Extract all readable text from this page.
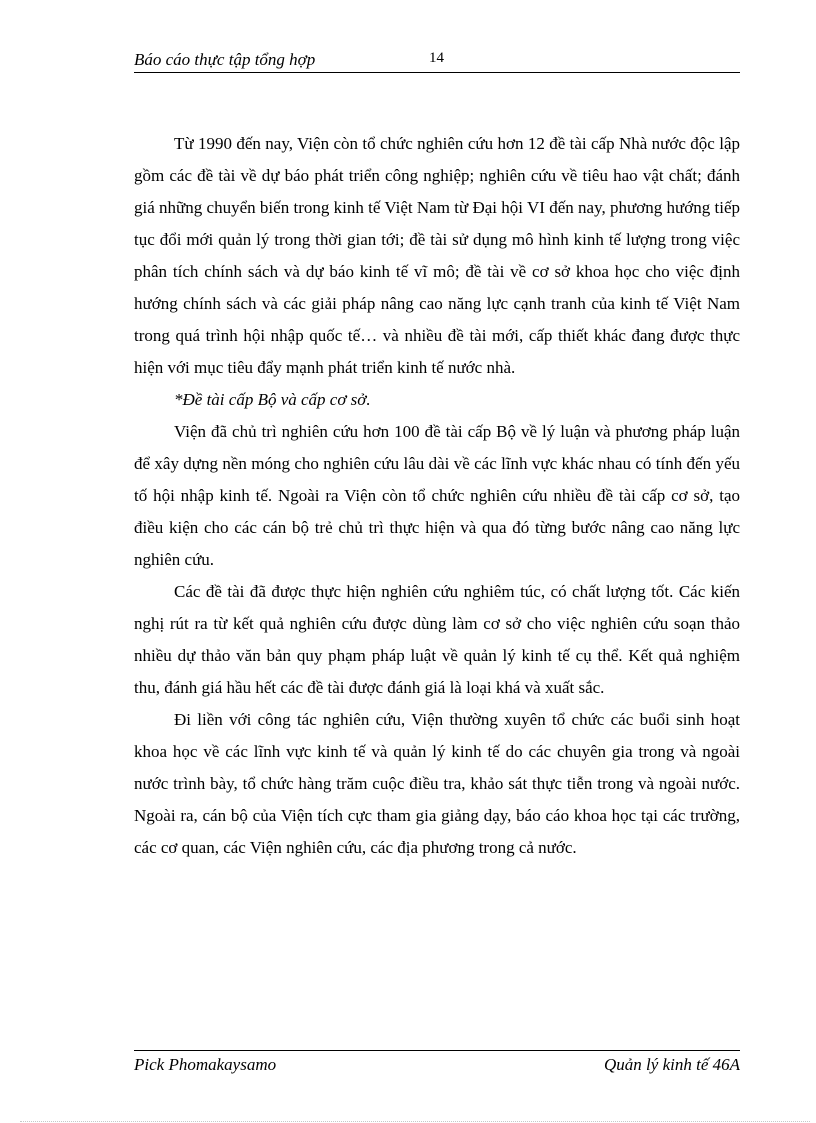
Báo cáo thực tập tổng hợp	14

Từ 1990 đến nay, Viện còn tổ chức nghiên cứu hơn 12 đề tài cấp Nhà nước độc lập gồm các đề tài về dự báo phát triển công nghiệp; nghiên cứu về tiêu hao vật chất; đánh giá những chuyển biến trong kinh tế Việt Nam từ Đại hội VI đến nay, phương hướng tiếp tục đổi mới quản lý trong thời gian tới; đề tài sử dụng mô hình kinh tế lượng trong việc phân tích chính sách và dự báo kinh tế vĩ mô; đề tài về cơ sở khoa học cho việc định hướng chính sách và các giải pháp nâng cao năng lực cạnh tranh của kinh tế Việt Nam trong quá trình hội nhập quốc tế… và nhiều đề tài mới, cấp thiết khác đang được thực hiện với mục tiêu đẩy mạnh phát triển kinh tế nước nhà.

*Đề tài cấp Bộ và cấp cơ sở.

Viện đã chủ trì nghiên cứu hơn 100 đề tài cấp Bộ về lý luận và phương pháp luận để xây dựng nền móng cho nghiên cứu lâu dài về các lĩnh vực khác nhau có tính đến yếu tố hội nhập kinh tế. Ngoài ra Viện còn tổ chức nghiên cứu nhiều đề tài cấp cơ sở, tạo điều kiện cho các cán bộ trẻ chủ trì thực hiện và qua đó từng bước nâng cao năng lực nghiên cứu.

Các đề tài đã được thực hiện nghiên cứu nghiêm túc, có chất lượng tốt. Các kiến nghị rút ra từ kết quả nghiên cứu được dùng làm cơ sở cho việc nghiên cứu soạn thảo nhiều dự thảo văn bản quy phạm pháp luật về quản lý kinh tế cụ thể. Kết quả nghiệm thu, đánh giá hầu hết các đề tài được đánh giá là loại khá và xuất sắc.

Đi liền với công tác nghiên cứu, Viện thường xuyên tổ chức các buổi sinh hoạt khoa học về các lĩnh vực kinh tế và quản lý kinh tế do các chuyên gia trong và ngoài nước trình bày, tổ chức hàng trăm cuộc điều tra, khảo sát thực tiễn trong và ngoài nước. Ngoài ra, cán bộ của Viện tích cực tham gia giảng dạy, báo cáo khoa học tại các trường, các cơ quan, các Viện nghiên cứu, các địa phương trong cả nước.

Pick Phomakaysamo	Quản lý kinh tế 46A
